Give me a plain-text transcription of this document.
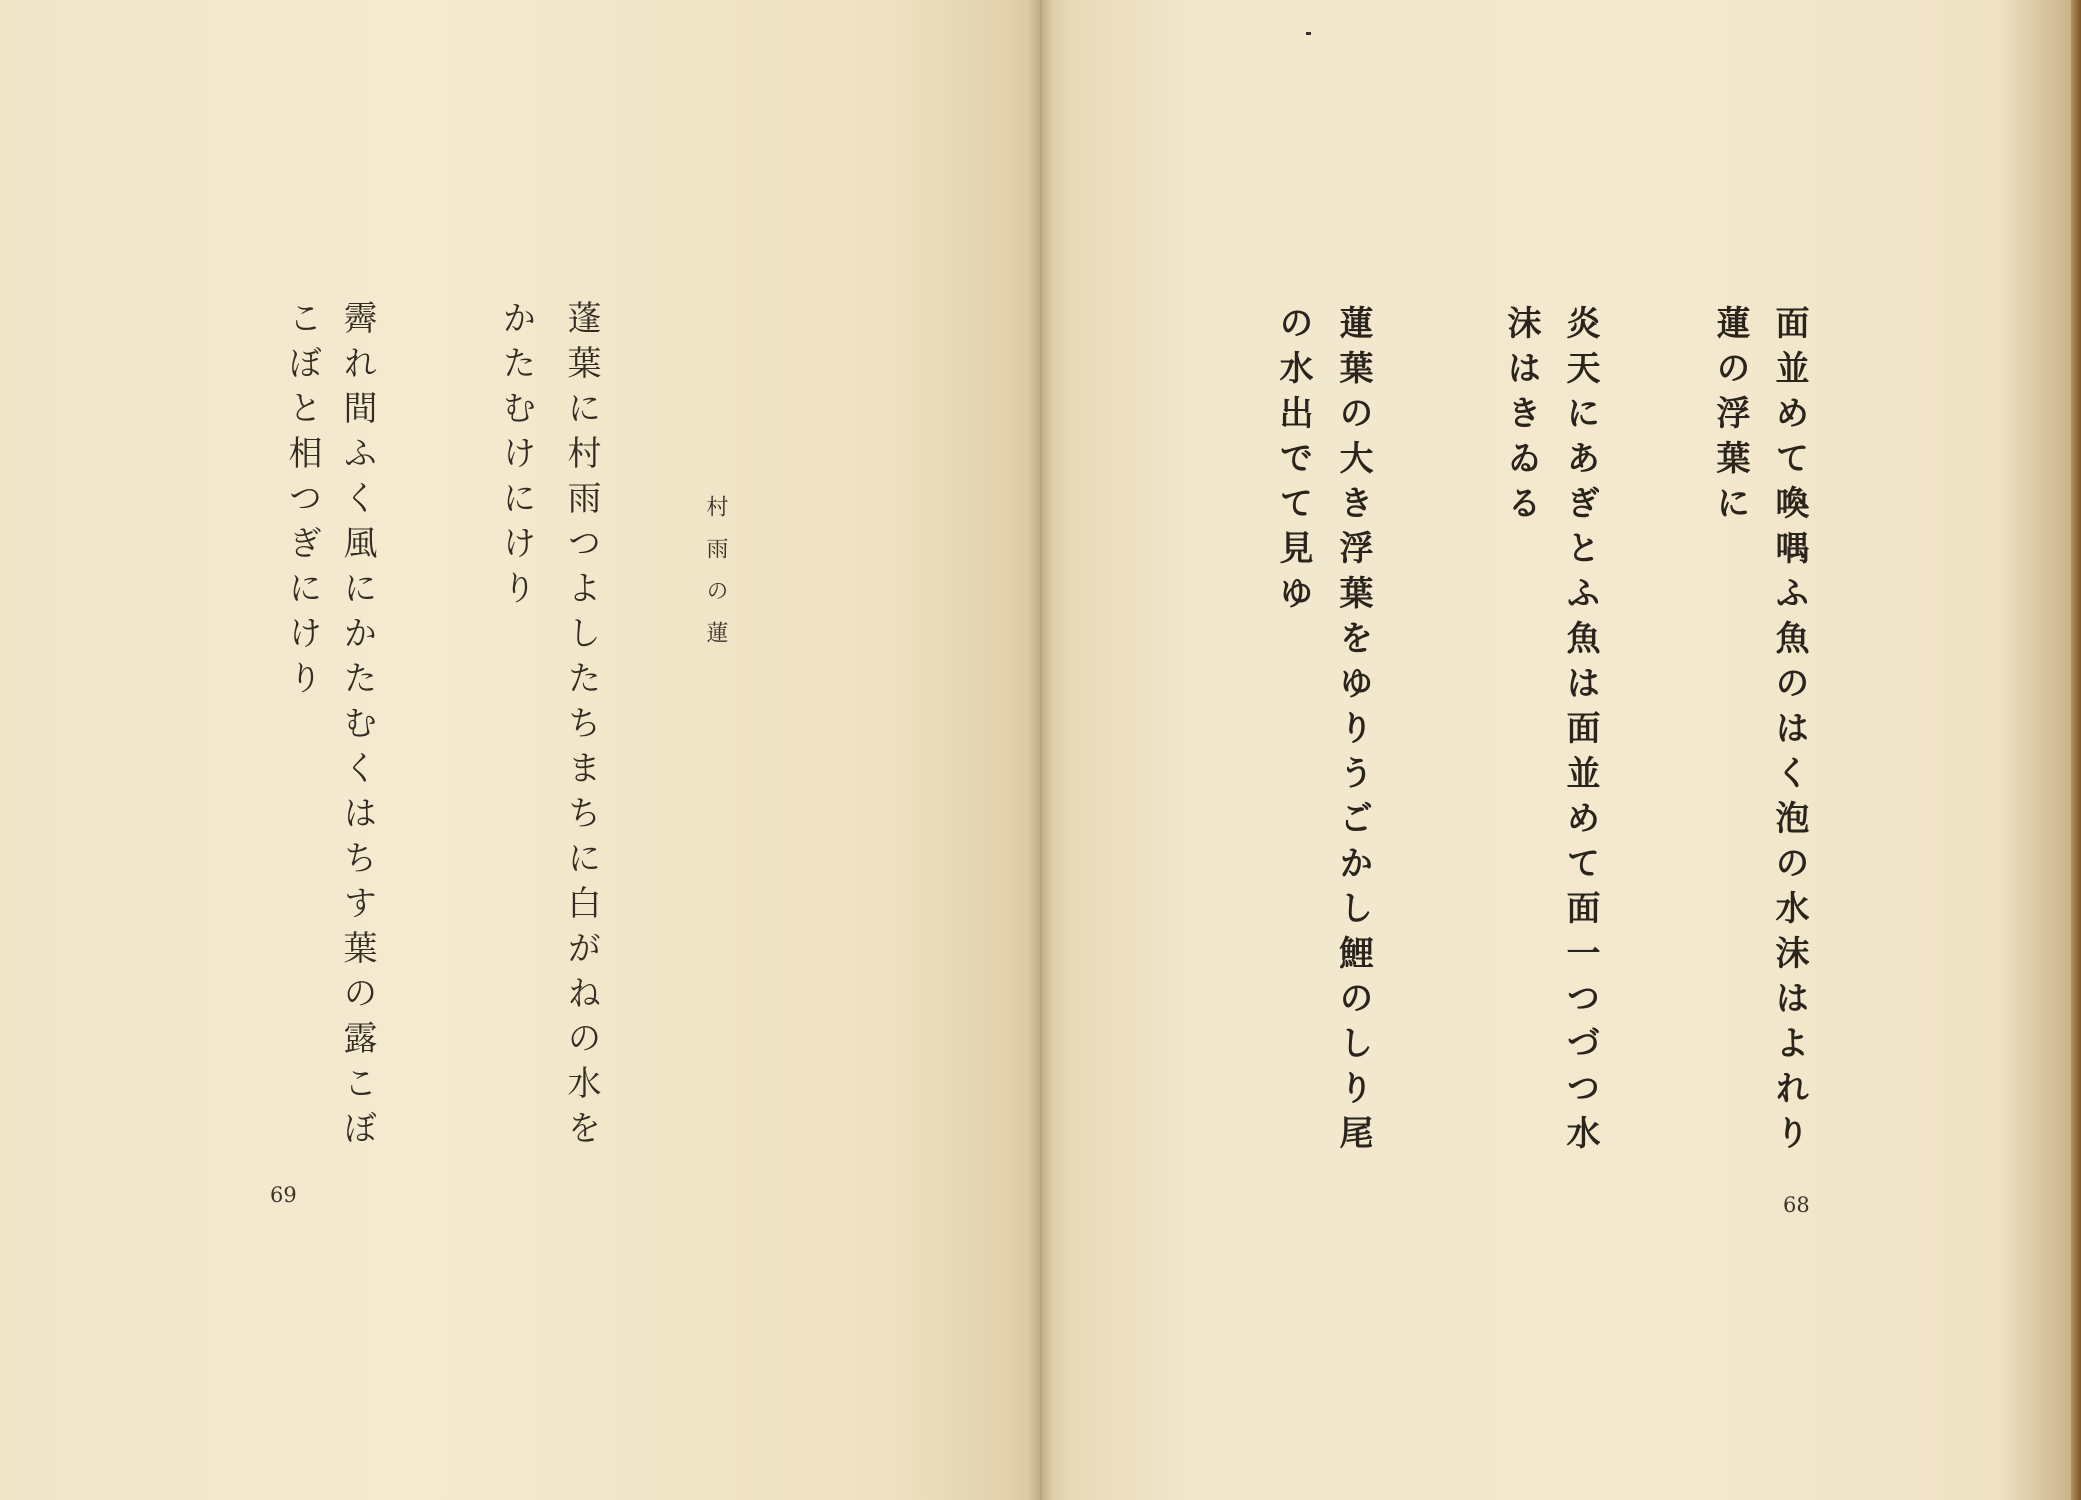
村雨の蓮
蓬葉に村雨つよしたちまちに白がねの水を
かたむけにけり
霽れ間ふく風にかたむくはちす葉の露こぼ
こぼと相つぎにけり
69
面並めて喚喁ふ魚のはく泡の水沫はよれり
蓮の浮葉に
炎天にあぎとふ魚は面並めて面一つづつ水
沫はきゐる
蓮葉の大き浮葉をゆりうごかし鯉のしり尾
の水出でて見ゆ
68
